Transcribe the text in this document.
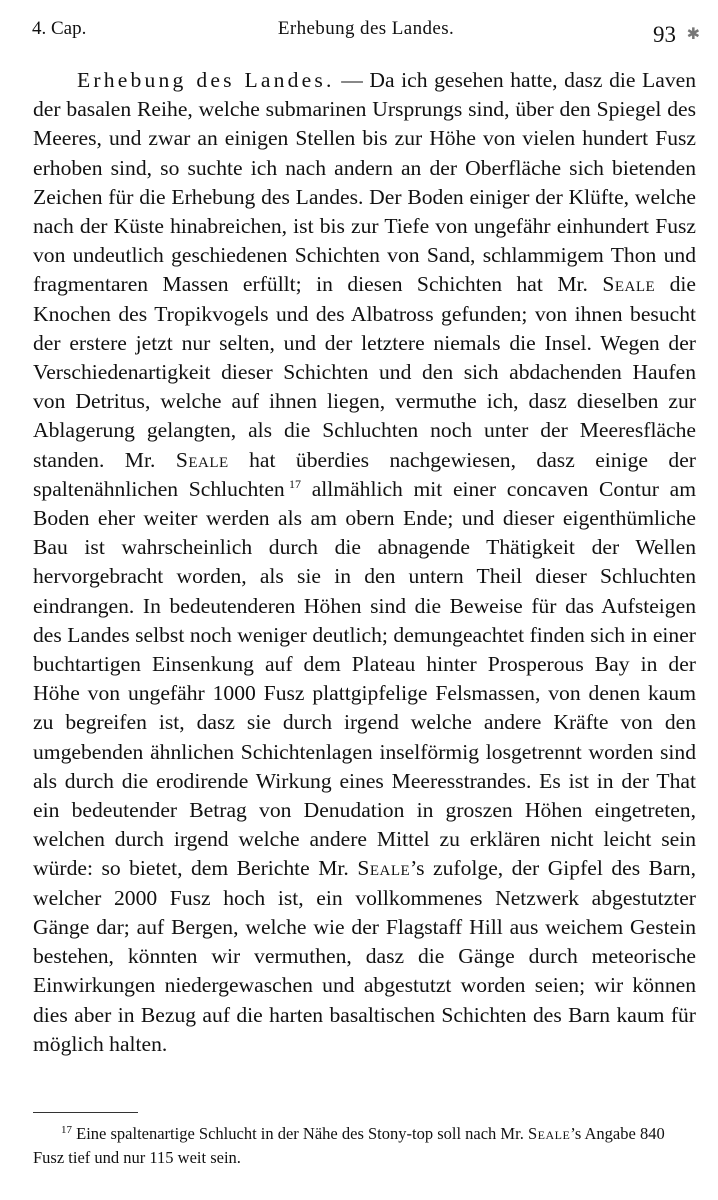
4. Cap.	Erhebung des Landes.	93 ✱

Erhebung des Landes. — Da ich gesehen hatte, dasz die Laven der basalen Reihe, welche submarinen Ursprungs sind, über den Spiegel des Meeres, und zwar an einigen Stellen bis zur Höhe von vielen hundert Fusz erhoben sind, so suchte ich nach andern an der Oberfläche sich bietenden Zeichen für die Erhebung des Landes. Der Boden einiger der Klüfte, welche nach der Küste hinabreichen, ist bis zur Tiefe von ungefähr einhundert Fusz von undeutlich geschiedenen Schichten von Sand, schlammigem Thon und fragmentaren Massen erfüllt; in diesen Schichten hat Mr. Seale die Knochen des Tropikvogels und des Albatross gefunden; von ihnen besucht der erstere jetzt nur selten, und der letztere niemals die Insel. Wegen der Verschiedenartigkeit dieser Schichten und den sich abdachenden Haufen von Detritus, welche auf ihnen liegen, vermuthe ich, dasz dieselben zur Ablagerung gelangten, als die Schluchten noch unter der Meeresfläche standen. Mr. Seale hat überdies nachgewiesen, dasz einige der spaltenähnlichen Schluchten  $^{17}$ allmählich mit einer concaven Contur am Boden eher weiter werden als am obern Ende; und dieser eigenthümliche Bau ist wahrscheinlich durch die abnagende Thätigkeit der Wellen hervorgebracht worden, als sie in den untern Theil dieser Schluchten eindrangen. In bedeutenderen Höhen sind die Beweise für das Aufsteigen des Landes selbst noch weniger deutlich; demungeachtet finden sich in einer buchtartigen Einsenkung auf dem Plateau hinter Prosperous Bay in der Höhe von ungefähr 1000 Fusz plattgipfelige Felsmassen, von denen kaum zu begreifen ist, dasz sie durch irgend welche andere Kräfte von den umgebenden ähnlichen Schichtenlagen inselförmig losgetrennt worden sind als durch die erodirende Wirkung eines Meeresstrandes. Es ist in der That ein bedeutender Betrag von Denudation in groszen Höhen eingetreten, welchen durch irgend welche andere Mittel zu erklären nicht leicht sein würde: so bietet, dem Berichte Mr. Seale’s zufolge, der Gipfel des Barn, welcher 2000 Fusz hoch ist, ein vollkommenes Netzwerk abgestutzter Gänge dar; auf Bergen, welche wie der Flagstaff Hill aus weichem Gestein bestehen, könnten wir vermuthen, dasz die Gänge durch meteorische Einwirkungen niedergewaschen und abgestutzt worden seien; wir können dies aber in Bezug auf die harten basaltischen Schichten des Barn kaum für möglich halten.

$^{17}$ Eine spaltenartige Schlucht in der Nähe des Stony-top soll nach Mr. Seale’s Angabe 840 Fusz tief und nur 115 weit sein.
